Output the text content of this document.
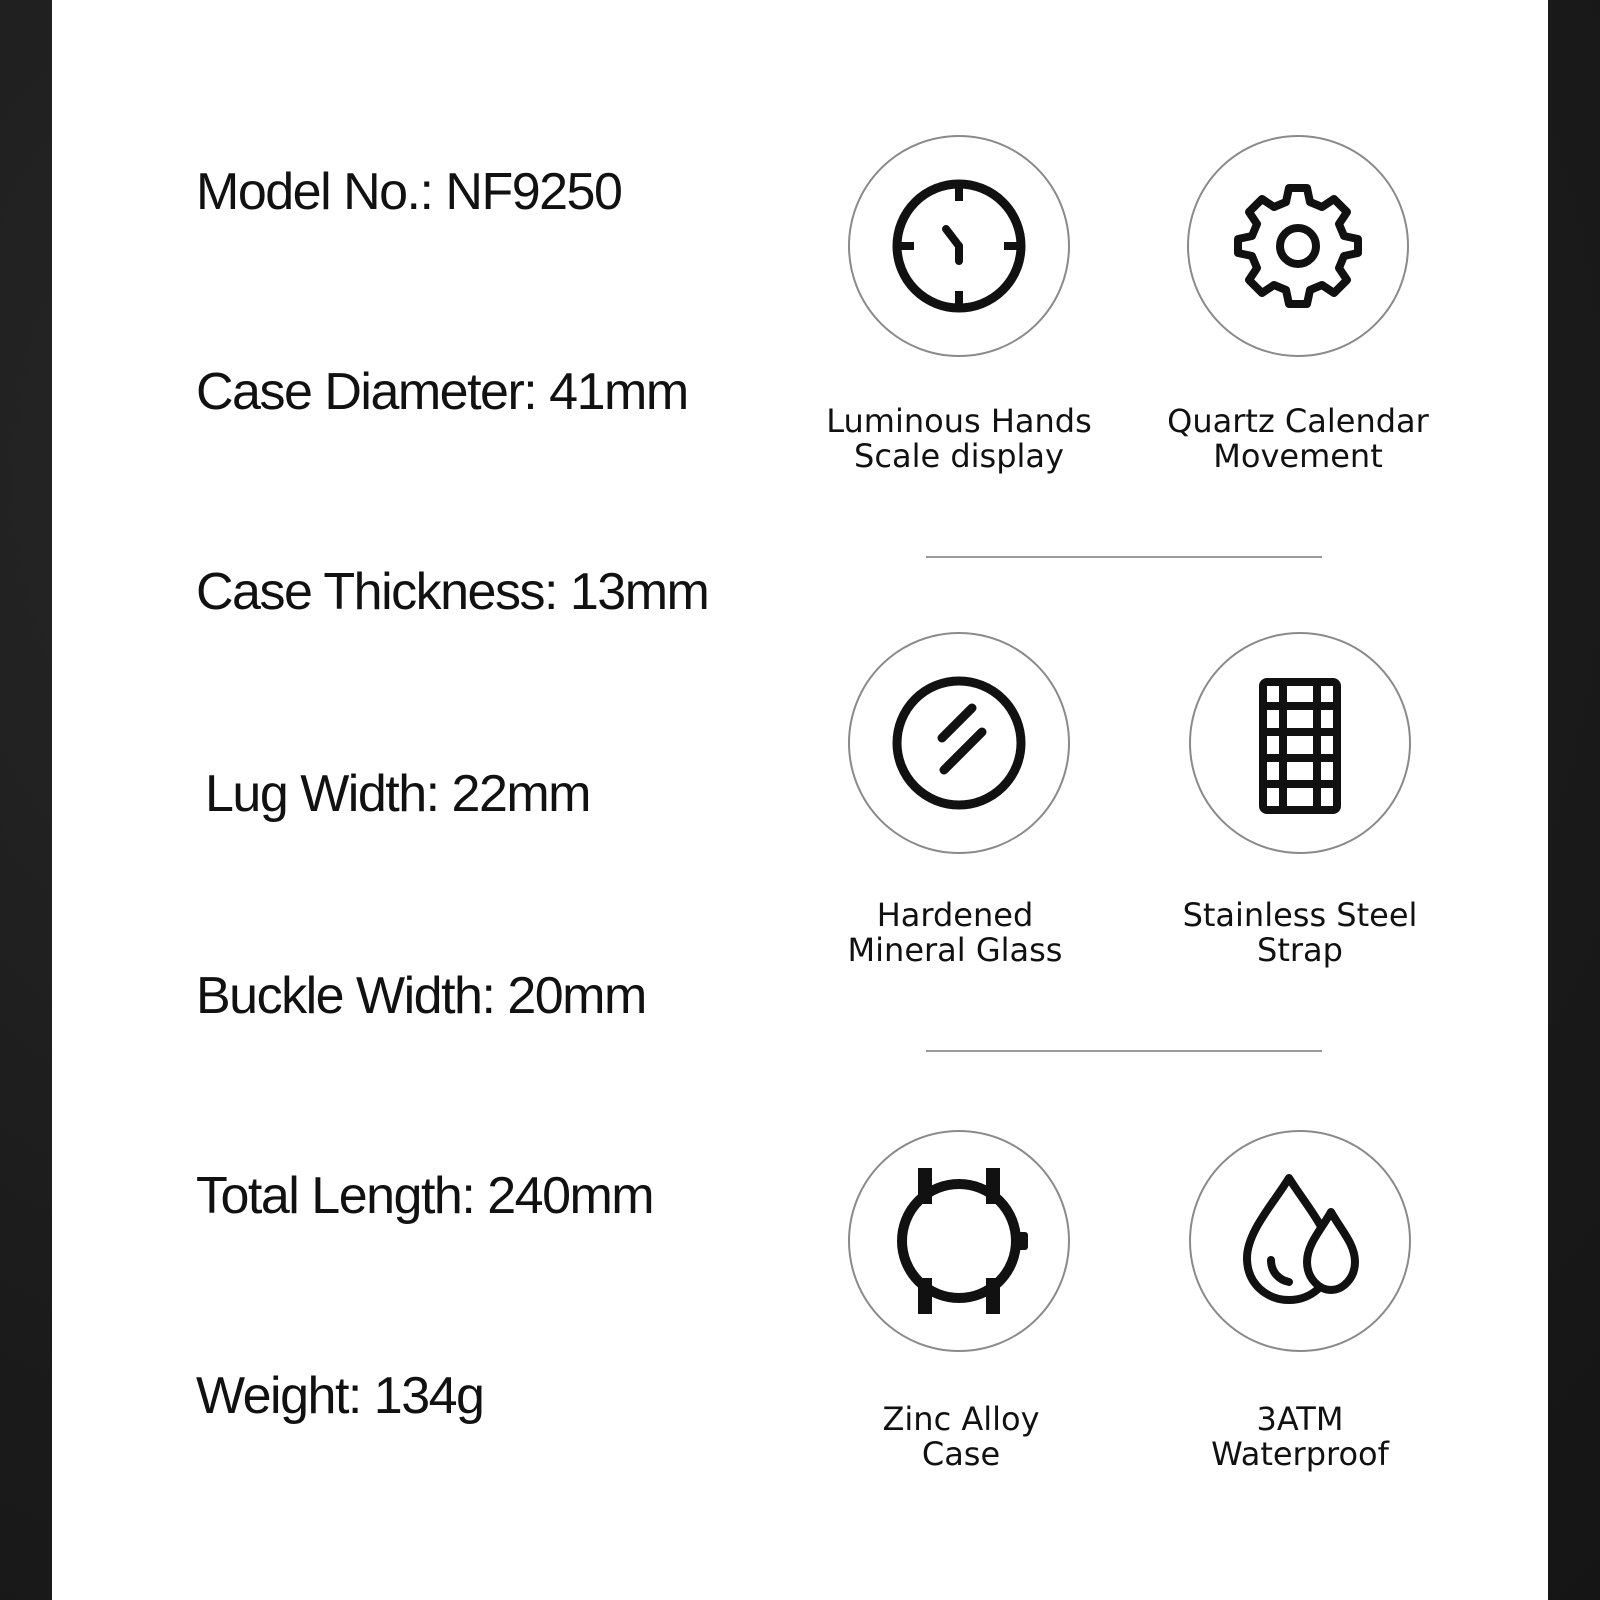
Model No.: NF9250
Case Diameter: 41mm
Case Thickness: 13mm
Lug Width: 22mm
Buckle Width: 20mm
Total Length: 240mm
Weight: 134g
Luminous Hands
Scale display
Quartz Calendar
Movement
Hardened
Mineral Glass
Stainless Steel
Strap
Zinc Alloy
Case
3ATM
Waterproof
